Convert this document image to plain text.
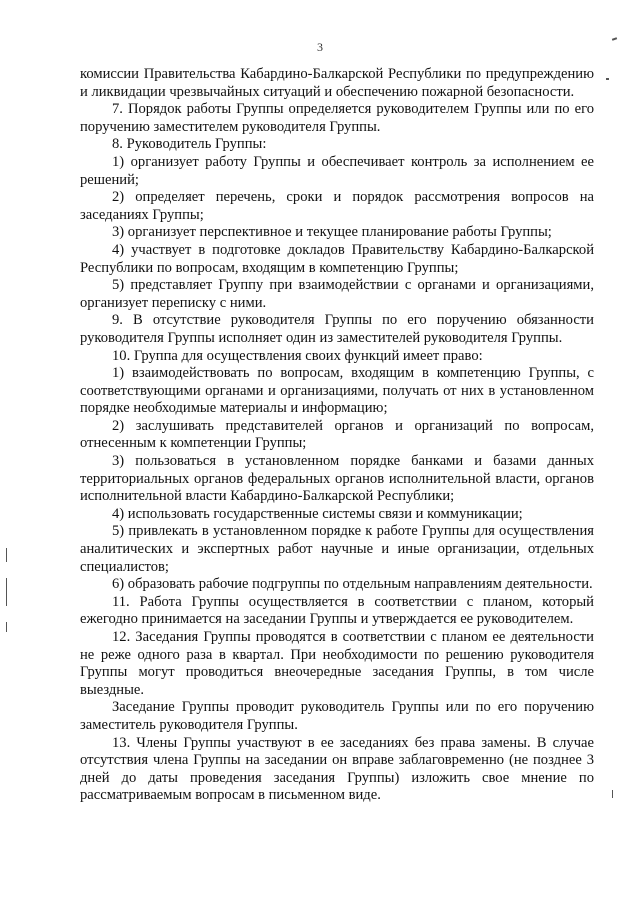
3

комиссии Правительства Кабардино-Балкарской Республики по предупреждению и ликвидации чрезвычайных ситуаций и обеспечению пожарной безопасности.

7. Порядок работы Группы определяется руководителем Группы или по его поручению заместителем руководителя Группы.

8. Руководитель Группы:

1) организует работу Группы и обеспечивает контроль за исполнением ее решений;

2) определяет перечень, сроки и порядок рассмотрения вопросов на заседаниях Группы;

3) организует перспективное и текущее планирование работы Группы;

4) участвует в подготовке докладов Правительству Кабардино-Балкарской Республики по вопросам, входящим в компетенцию Группы;

5) представляет Группу при взаимодействии с органами и организациями, организует переписку с ними.

9. В отсутствие руководителя Группы по его поручению обязанности руководителя Группы исполняет один из заместителей руководителя Группы.

10. Группа для осуществления своих функций имеет право:

1) взаимодействовать по вопросам, входящим в компетенцию Группы, с соответствующими органами и организациями, получать от них в установленном порядке необходимые материалы и информацию;

2) заслушивать представителей органов и организаций по вопросам, отнесенным к компетенции Группы;

3) пользоваться в установленном порядке банками и базами данных территориальных органов федеральных органов исполнительной власти, органов исполнительной власти Кабардино-Балкарской Республики;

4) использовать государственные системы связи и коммуникации;

5) привлекать в установленном порядке к работе Группы для осуществления аналитических и экспертных работ научные и иные организации, отдельных специалистов;

6) образовать рабочие подгруппы по отдельным направлениям деятельности.

11. Работа Группы осуществляется в соответствии с планом, который ежегодно принимается на заседании Группы и утверждается ее руководителем.

12. Заседания Группы проводятся в соответствии с планом ее деятельности не реже одного раза в квартал. При необходимости по решению руководителя Группы могут проводиться внеочередные заседания Группы, в том числе выездные.

Заседание Группы проводит руководитель Группы или по его поручению заместитель руководителя Группы.

13. Члены Группы участвуют в ее заседаниях без права замены. В случае отсутствия члена Группы на заседании он вправе заблаговременно (не позднее 3 дней до даты проведения заседания Группы) изложить свое мнение по рассматриваемым вопросам в письменном виде.
